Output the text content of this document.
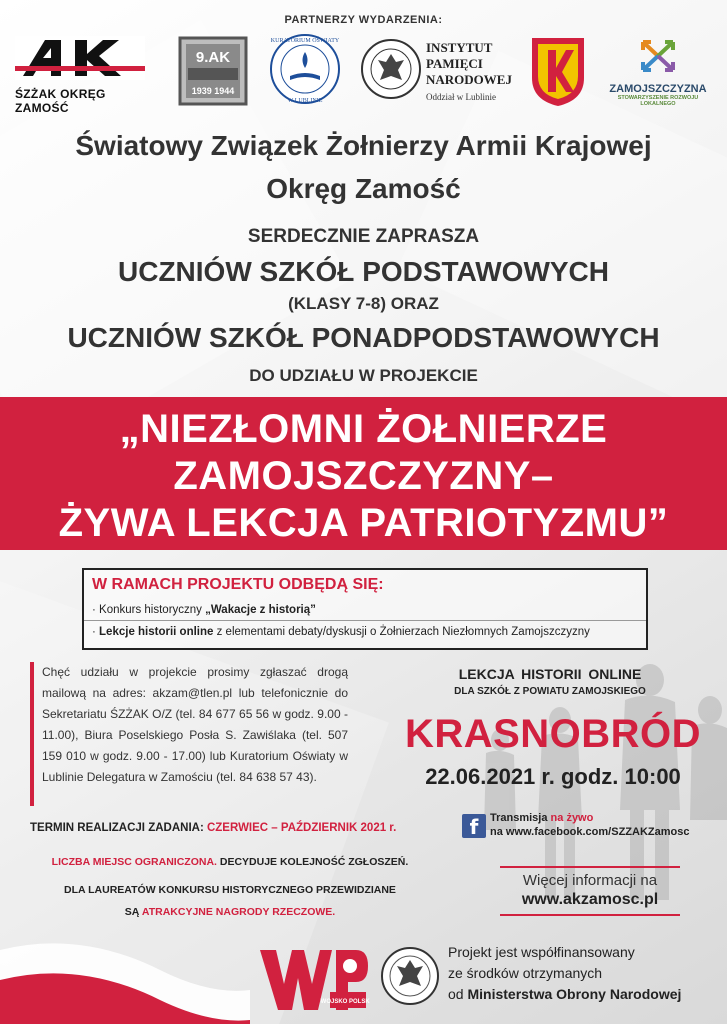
PARTNERZY WYDARZENIA:
ŚZŻAK OKRĘG ZAMOŚĆ
9.AK
1939 1944
KURATORIUM OŚWIATY
W LUBLINIE
INSTYTUT
PAMIĘCI
NARODOWEJ
Oddział w Lublinie
ZAMOJSZCZYZNA
STOWARZYSZENIE ROZWOJU LOKALNEGO
Światowy Związek Żołnierzy Armii Krajowej
Okręg Zamość
SERDECZNIE ZAPRASZA
UCZNIÓW SZKÓŁ PODSTAWOWYCH
(KLASY 7-8) ORAZ
UCZNIÓW SZKÓŁ PONADPODSTAWOWYCH
DO UDZIAŁU W PROJEKCIE
„NIEZŁOMNI ŻOŁNIERZE
ZAMOJSZCZYZNY–
ŻYWA LEKCJA PATRIOTYZMU”
W RAMACH PROJEKTU ODBĘDĄ SIĘ:
· Konkurs historyczny „Wakacje z historią”
· Lekcje historii online z elementami debaty/dyskusji o Żołnierzach Niezłomnych Zamojszczyzny

Chęć udziału w projekcie prosimy zgłaszać drogą mailową na adres: akzam@tlen.pl lub telefonicznie do Sekretariatu ŚZŻAK O/Z (tel. 84 677 65 56 w godz. 9.00 - 11.00), Biura Poselskiego Posła S. Zawiślaka (tel. 507 159 010 w godz. 9.00 - 17.00) lub Kuratorium Oświaty w Lublinie Delegatura w Zamościu (tel. 84 638 57 43).

LEKCJA HISTORII ONLINE
DLA SZKÓŁ Z POWIATU ZAMOJSKIEGO
KRASNOBRÓD
22.06.2021 r. godz. 10:00
f	Transmisja na żywo
na www.facebook.com/SZZAKZamosc
TERMIN REALIZACJI ZADANIA: CZERWIEC – PAŹDZIERNIK 2021 r.
LICZBA MIEJSC OGRANICZONA. DECYDUJE KOLEJNOŚĆ ZGŁOSZEŃ.
DLA LAUREATÓW KONKURSU HISTORYCZNEGO PRZEWIDZIANE
SĄ ATRAKCYJNE NAGRODY RZECZOWE.
Więcej informacji na
www.akzamosc.pl
WOJSKO POLSKIE
Projekt jest współfinansowany
ze środków otrzymanych
od Ministerstwa Obrony Narodowej
